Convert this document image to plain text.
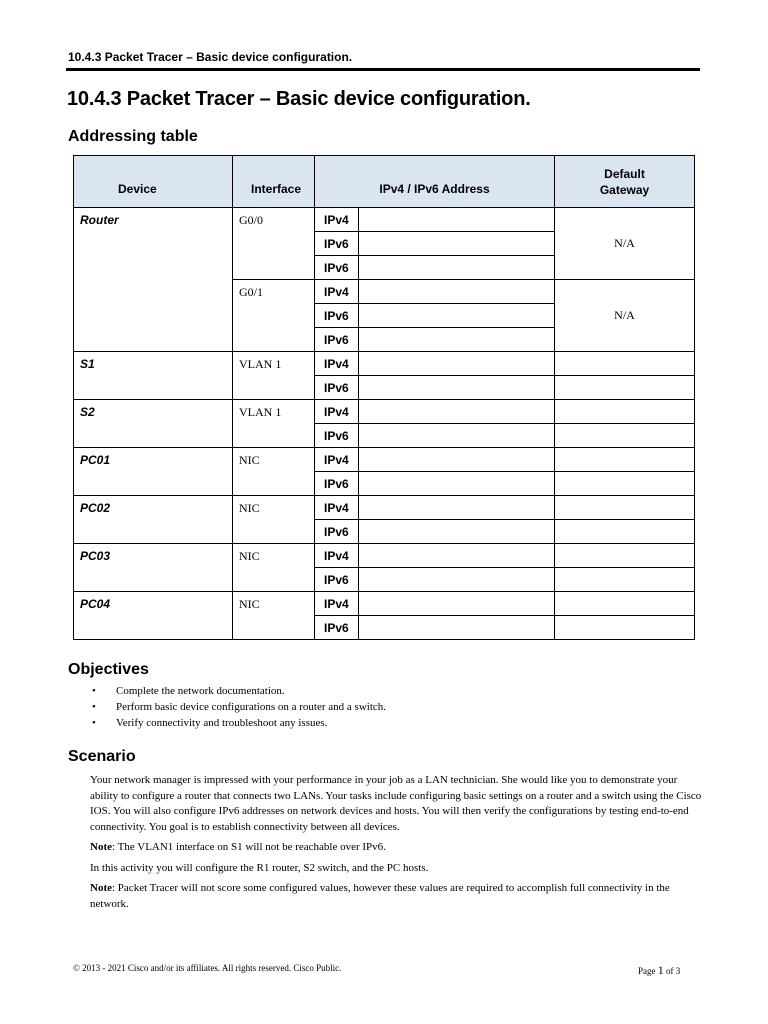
10.4.3 Packet Tracer – Basic device configuration.
10.4.3 Packet Tracer – Basic device configuration.
Addressing table
Device	Interface	IPv4 / IPv6 Address		Default
Gateway
Router	G0/0	IPv4		N/A
		IPv6		
		IPv6		
	G0/1	IPv4		N/A
		IPv6		
		IPv6		
S1	VLAN 1	IPv4		
		IPv6		
S2	VLAN 1	IPv4		
		IPv6		
PC01	NIC	IPv4		
		IPv6		
PC02	NIC	IPv4		
		IPv6		
PC03	NIC	IPv4		
		IPv6		
PC04	NIC	IPv4		
		IPv6		
Objectives
• Complete the network documentation.
• Perform basic device configurations on a router and a switch.
• Verify connectivity and troubleshoot any issues.
Scenario

Your network manager is impressed with your performance in your job as a LAN technician. She would like you to demonstrate your ability to configure a router that connects two LANs. Your tasks include configuring basic settings on a router and a switch using the Cisco IOS. You will also configure IPv6 addresses on network devices and hosts. You will then verify the configurations by testing end-to-end connectivity. You goal is to establish connectivity between all devices.

Note: The VLAN1 interface on S1 will not be reachable over IPv6.

In this activity you will configure the R1 router, S2 switch, and the PC hosts.

Note: Packet Tracer will not score some configured values, however these values are required to accomplish full connectivity in the network.

© 2013 - 2021 Cisco and/or its affiliates. All rights reserved. Cisco Public.	Page 1 of 3
